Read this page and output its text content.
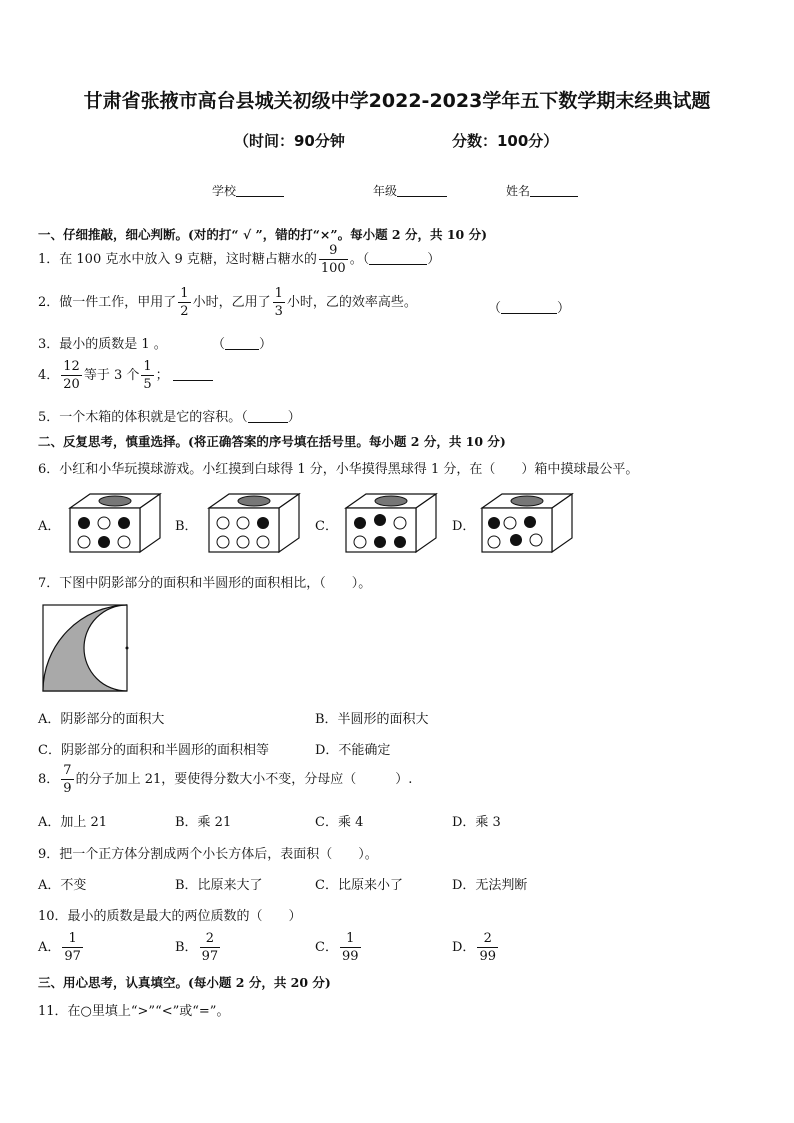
甘肃省张掖市高台县城关初级中学2022-2023学年五下数学期末经典试题
（时间：90分钟	分数：100分）
学校	年级	姓名
一、仔细推敲，细心判断。(对的打“ √ ”，错的打“×”。每小题 2 分，共 10 分)
1．在 100 克水中放入 9 克糖，这时糖占糖水的 $\frac{9}{100}$ 。（	）
2．做一件工作，甲用了 $\frac{1}{2}$ 小时，乙用了 $\frac{1}{3}$ 小时，乙的效率高些。	（	）
3．最小的质数是 1 。	（	）
4． $\frac{12}{20}$ 等于 3 个 $\frac{1}{5}$ ；
5．一个木箱的体积就是它的容积。（	）
二、反复思考，慎重选择。(将正确答案的序号填在括号里。每小题 2 分，共 10 分)
6．小红和小华玩摸球游戏。小红摸到白球得 1 分，小华摸得黑球得 1 分，在（　　）箱中摸球最公平。
A．	B．	C．	D．
7．下图中阴影部分的面积和半圆形的面积相比，（　　）。
A．阴影部分的面积大	B．半圆形的面积大
C．阴影部分的面积和半圆形的面积相等	D．不能确定
8． $\frac{7}{9}$ 的分子加上 21，要使得分数大小不变，分母应（　　　）.
A．加上 21	B．乘 21	C．乘 4	D．乘 3
9．把一个正方体分割成两个小长方体后，表面积（　　）。
A．不变	B．比原来大了	C．比原来小了	D．无法判断
10．最小的质数是最大的两位质数的（　　）
A． $\frac{1}{97}$	B． $\frac{2}{97}$	C． $\frac{1}{99}$	D． $\frac{2}{99}$
三、用心思考，认真填空。(每小题 2 分，共 20 分)
11．在○里填上“>”“<”或“=”。
